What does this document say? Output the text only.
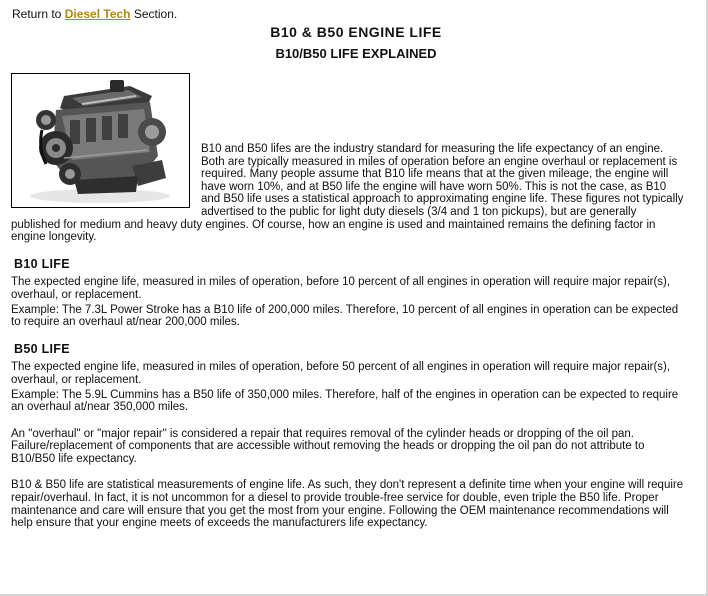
Return to Diesel Tech Section.
B10 & B50 ENGINE LIFE
B10/B50 LIFE EXPLAINED

B10 and B50 lifes are the industry standard for measuring the life expectancy of an engine. Both are typically measured in miles of operation before an engine overhaul or replacement is required. Many people assume that B10 life means that at the given mileage, the engine will have worn 10%, and at B50 life the engine will have worn 50%. This is not the case, as B10 and B50 life uses a statistical approach to approximating engine life. These figures not typically advertised to the public for light duty diesels (3/4 and 1 ton pickups), but are generally published for medium and heavy duty engines. Of course, how an engine is used and maintained remains the defining factor in engine longevity.

B10 LIFE

The expected engine life, measured in miles of operation, before 10 percent of all engines in operation will require major repair(s), overhaul, or replacement.

Example: The 7.3L Power Stroke has a B10 life of 200,000 miles. Therefore, 10 percent of all engines in operation can be expected to require an overhaul at/near 200,000 miles.

B50 LIFE

The expected engine life, measured in miles of operation, before 50 percent of all engines in operation will require major repair(s), overhaul, or replacement.

Example: The 5.9L Cummins has a B50 life of 350,000 miles. Therefore, half of the engines in operation can be expected to require an overhaul at/near 350,000 miles.

An "overhaul" or "major repair" is considered a repair that requires removal of the cylinder heads or dropping of the oil pan. Failure/replacement of components that are accessible without removing the heads or dropping the oil pan do not attribute to B10/B50 life expectancy.

B10 & B50 life are statistical measurements of engine life. As such, they don't represent a definite time when your engine will require repair/overhaul. In fact, it is not uncommon for a diesel to provide trouble-free service for double, even triple the B50 life. Proper maintenance and care will ensure that you get the most from your engine. Following the OEM maintenance recommendations will help ensure that your engine meets of exceeds the manufacturers life expectancy.
